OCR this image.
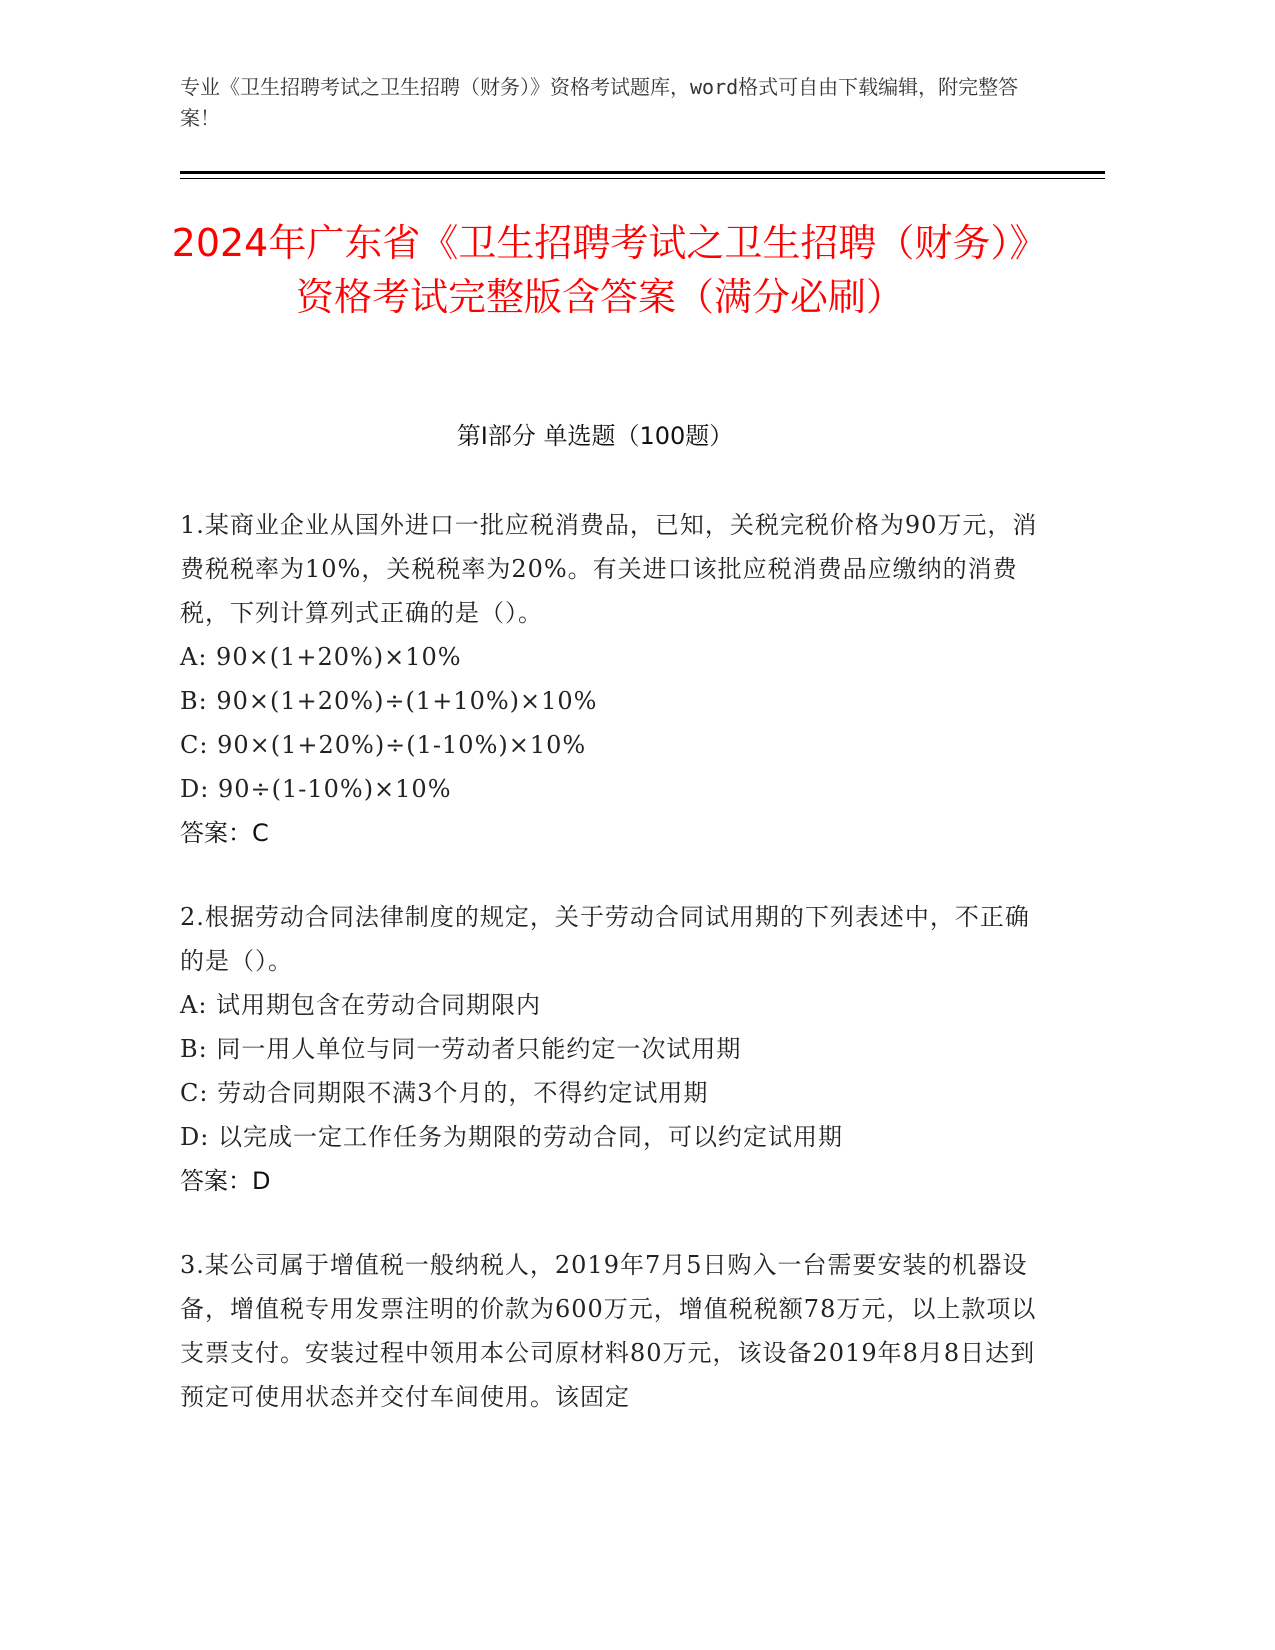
专业《卫生招聘考试之卫生招聘（财务）》资格考试题库，word格式可自由下载编辑，附完整答案！
2024年广东省《卫生招聘考试之卫生招聘（财务）》资格考试完整版含答案（满分必刷）
第I部分 单选题（100题）
1.某商业企业从国外进口一批应税消费品，已知，关税完税价格为90万元，消费税税率为10%，关税税率为20%。有关进口该批应税消费品应缴纳的消费税，下列计算列式正确的是（）。
A: 90×(1+20%)×10%
B: 90×(1+20%)÷(1+10%)×10%
C: 90×(1+20%)÷(1-10%)×10%
D: 90÷(1-10%)×10%
答案：C
2.根据劳动合同法律制度的规定，关于劳动合同试用期的下列表述中，不正确的是（）。
A: 试用期包含在劳动合同期限内
B: 同一用人单位与同一劳动者只能约定一次试用期
C: 劳动合同期限不满3个月的，不得约定试用期
D: 以完成一定工作任务为期限的劳动合同，可以约定试用期
答案：D
3.某公司属于增值税一般纳税人，2019年7月5日购入一台需要安装的机器设备，增值税专用发票注明的价款为600万元，增值税税额78万元，以上款项以支票支付。安装过程中领用本公司原材料80万元，该设备2019年8月8日达到预定可使用状态并交付车间使用。该固定
